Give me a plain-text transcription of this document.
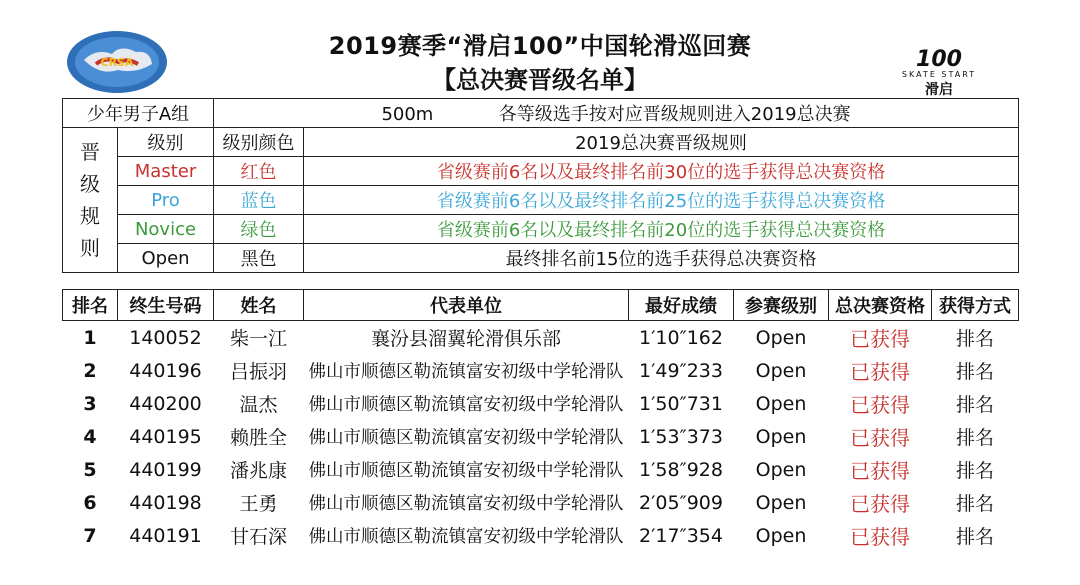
CRSA
2019赛季“滑启100”中国轮滑巡回赛
【总决赛晋级名单】
100
SKATE START
滑启
少年男子A组		500m 各等级选手按对应晋级规则进入2019总决赛	
晋
级
规
则	级别	级别颜色	2019总决赛晋级规则
	Master	红色	省级赛前6名以及最终排名前30位的选手获得总决赛资格
	Pro	蓝色	省级赛前6名以及最终排名前25位的选手获得总决赛资格
	Novice	绿色	省级赛前6名以及最终排名前20位的选手获得总决赛资格
	Open	黑色	最终排名前15位的选手获得总决赛资格
排名	终生号码	姓名	代表单位	最好成绩	参赛级别	总决赛资格	获得方式
1	140052	柴一江	襄汾县溜翼轮滑俱乐部	1′10″162	Open	已获得	排名
2	440196	吕振羽	佛山市顺德区勒流镇富安初级中学轮滑队	1′49″233	Open	已获得	排名
3	440200	温杰	佛山市顺德区勒流镇富安初级中学轮滑队	1′50″731	Open	已获得	排名
4	440195	赖胜全	佛山市顺德区勒流镇富安初级中学轮滑队	1′53″373	Open	已获得	排名
5	440199	潘兆康	佛山市顺德区勒流镇富安初级中学轮滑队	1′58″928	Open	已获得	排名
6	440198	王勇	佛山市顺德区勒流镇富安初级中学轮滑队	2′05″909	Open	已获得	排名
7	440191	甘石深	佛山市顺德区勒流镇富安初级中学轮滑队	2′17″354	Open	已获得	排名
